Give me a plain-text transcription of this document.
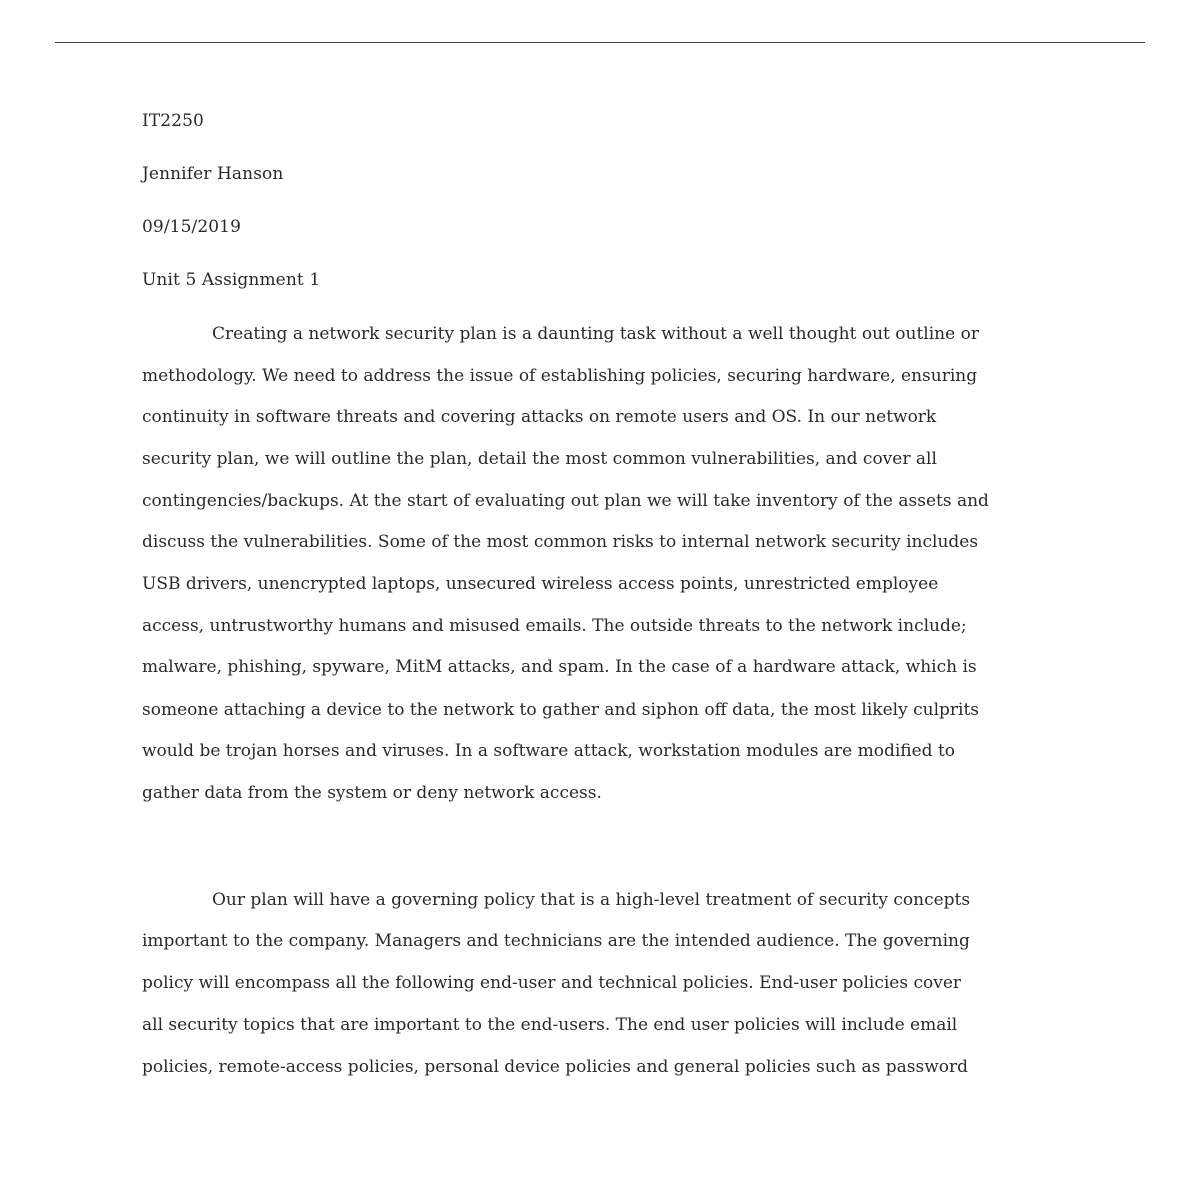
IT2250
Jennifer Hanson
09/15/2019
Unit 5 Assignment 1
Creating a network security plan is a daunting task without a well thought out outline or
methodology. We need to address the issue of establishing policies, securing hardware, ensuring
continuity in software threats and covering attacks on remote users and OS. In our network
security plan, we will outline the plan, detail the most common vulnerabilities, and cover all
contingencies/backups. At the start of evaluating out plan we will take inventory of the assets and
discuss the vulnerabilities. Some of the most common risks to internal network security includes
USB drivers, unencrypted laptops, unsecured wireless access points, unrestricted employee
access, untrustworthy humans and misused emails. The outside threats to the network include;
malware, phishing, spyware, MitM attacks, and spam. In the case of a hardware attack, which is
someone attaching a device to the network to gather and siphon off data, the most likely culprits
would be trojan horses and viruses. In a software attack, workstation modules are modified to
gather data from the system or deny network access.
Our plan will have a governing policy that is a high-level treatment of security concepts
important to the company. Managers and technicians are the intended audience. The governing
policy will encompass all the following end-user and technical policies. End-user policies cover
all security topics that are important to the end-users. The end user policies will include email
policies, remote-access policies, personal device policies and general policies such as password
